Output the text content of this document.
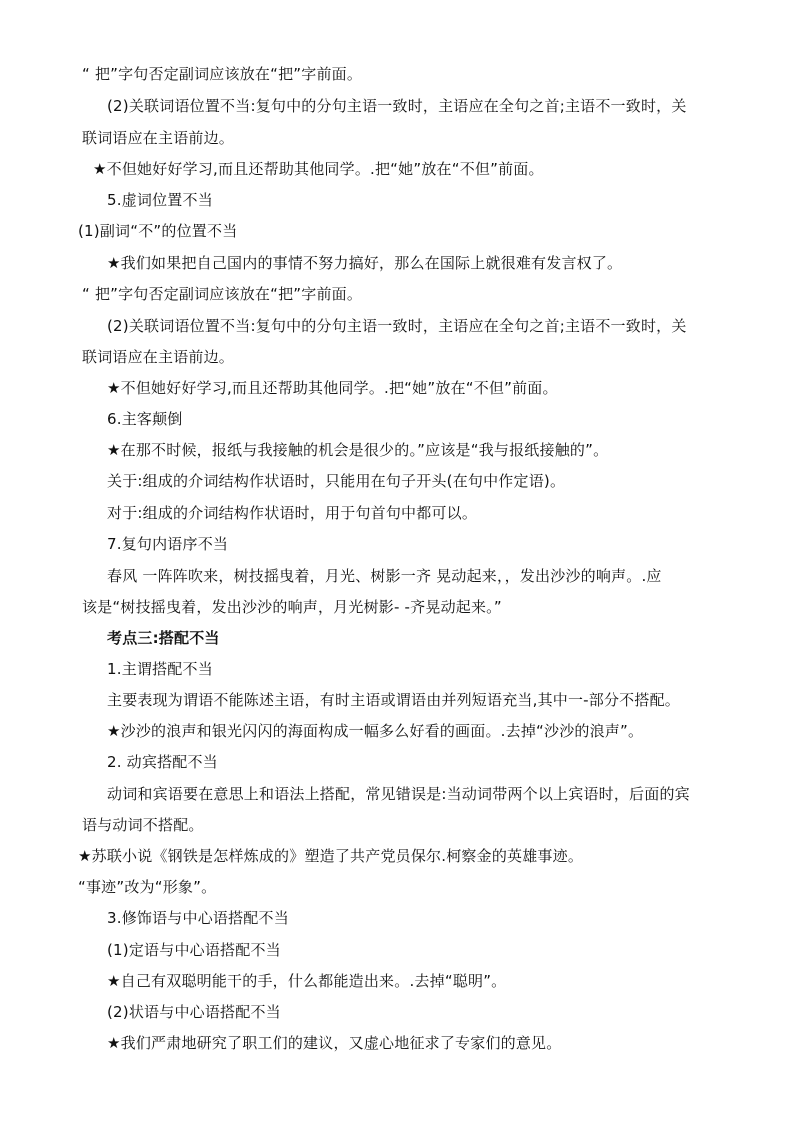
“ 把”字句否定副词应该放在“把”字前面。
(2)关联词语位置不当:复句中的分句主语一致时，主语应在全句之首;主语不一致时，关
联词语应在主语前边。
★不但她好好学习,而且还帮助其他同学。.把“她”放在“不但”前面。
5.虚词位置不当
(1)副词“不”的位置不当
★我们如果把自己国内的事情不努力搞好，那么在国际上就很难有发言权了。
“ 把”字句否定副词应该放在“把”字前面。
(2)关联词语位置不当:复句中的分句主语一致时，主语应在全句之首;主语不一致时，关
联词语应在主语前边。
★不但她好好学习,而且还帮助其他同学。.把“她”放在“不但”前面。
6.主客颠倒
★在那不时候，报纸与我接触的机会是很少的。”应该是“我与报纸接触的”。
关于:组成的介词结构作状语时，只能用在句子开头(在句中作定语)。
对于:组成的介词结构作状语时，用于句首句中都可以。
7.复句内语序不当
春风 一阵阵吹来，树技摇曳着，月光、树影一齐 晃动起来，，发出沙沙的响声。.应
该是“树技摇曳着，发出沙沙的响声，月光树影- -齐晃动起来。”
考点三:搭配不当
1.主谓搭配不当
主要表现为谓语不能陈述主语，有时主语或谓语由并列短语充当,其中一-部分不搭配。
★沙沙的浪声和银光闪闪的海面构成一幅多么好看的画面。.去掉“沙沙的浪声”。
2. 动宾搭配不当
动词和宾语要在意思上和语法上搭配，常见错误是:当动词带两个以上宾语时，后面的宾
语与动词不搭配。
★苏联小说《钢铁是怎样炼成的》塑造了共产党员保尔.柯察金的英雄事迹。
“事迹”改为“形象”。
3.修饰语与中心语搭配不当
(1)定语与中心语搭配不当
★自己有双聪明能干的手，什么都能造出来。.去掉“聪明”。
(2)状语与中心语搭配不当
★我们严肃地研究了职工们的建议，又虚心地征求了专家们的意见。
